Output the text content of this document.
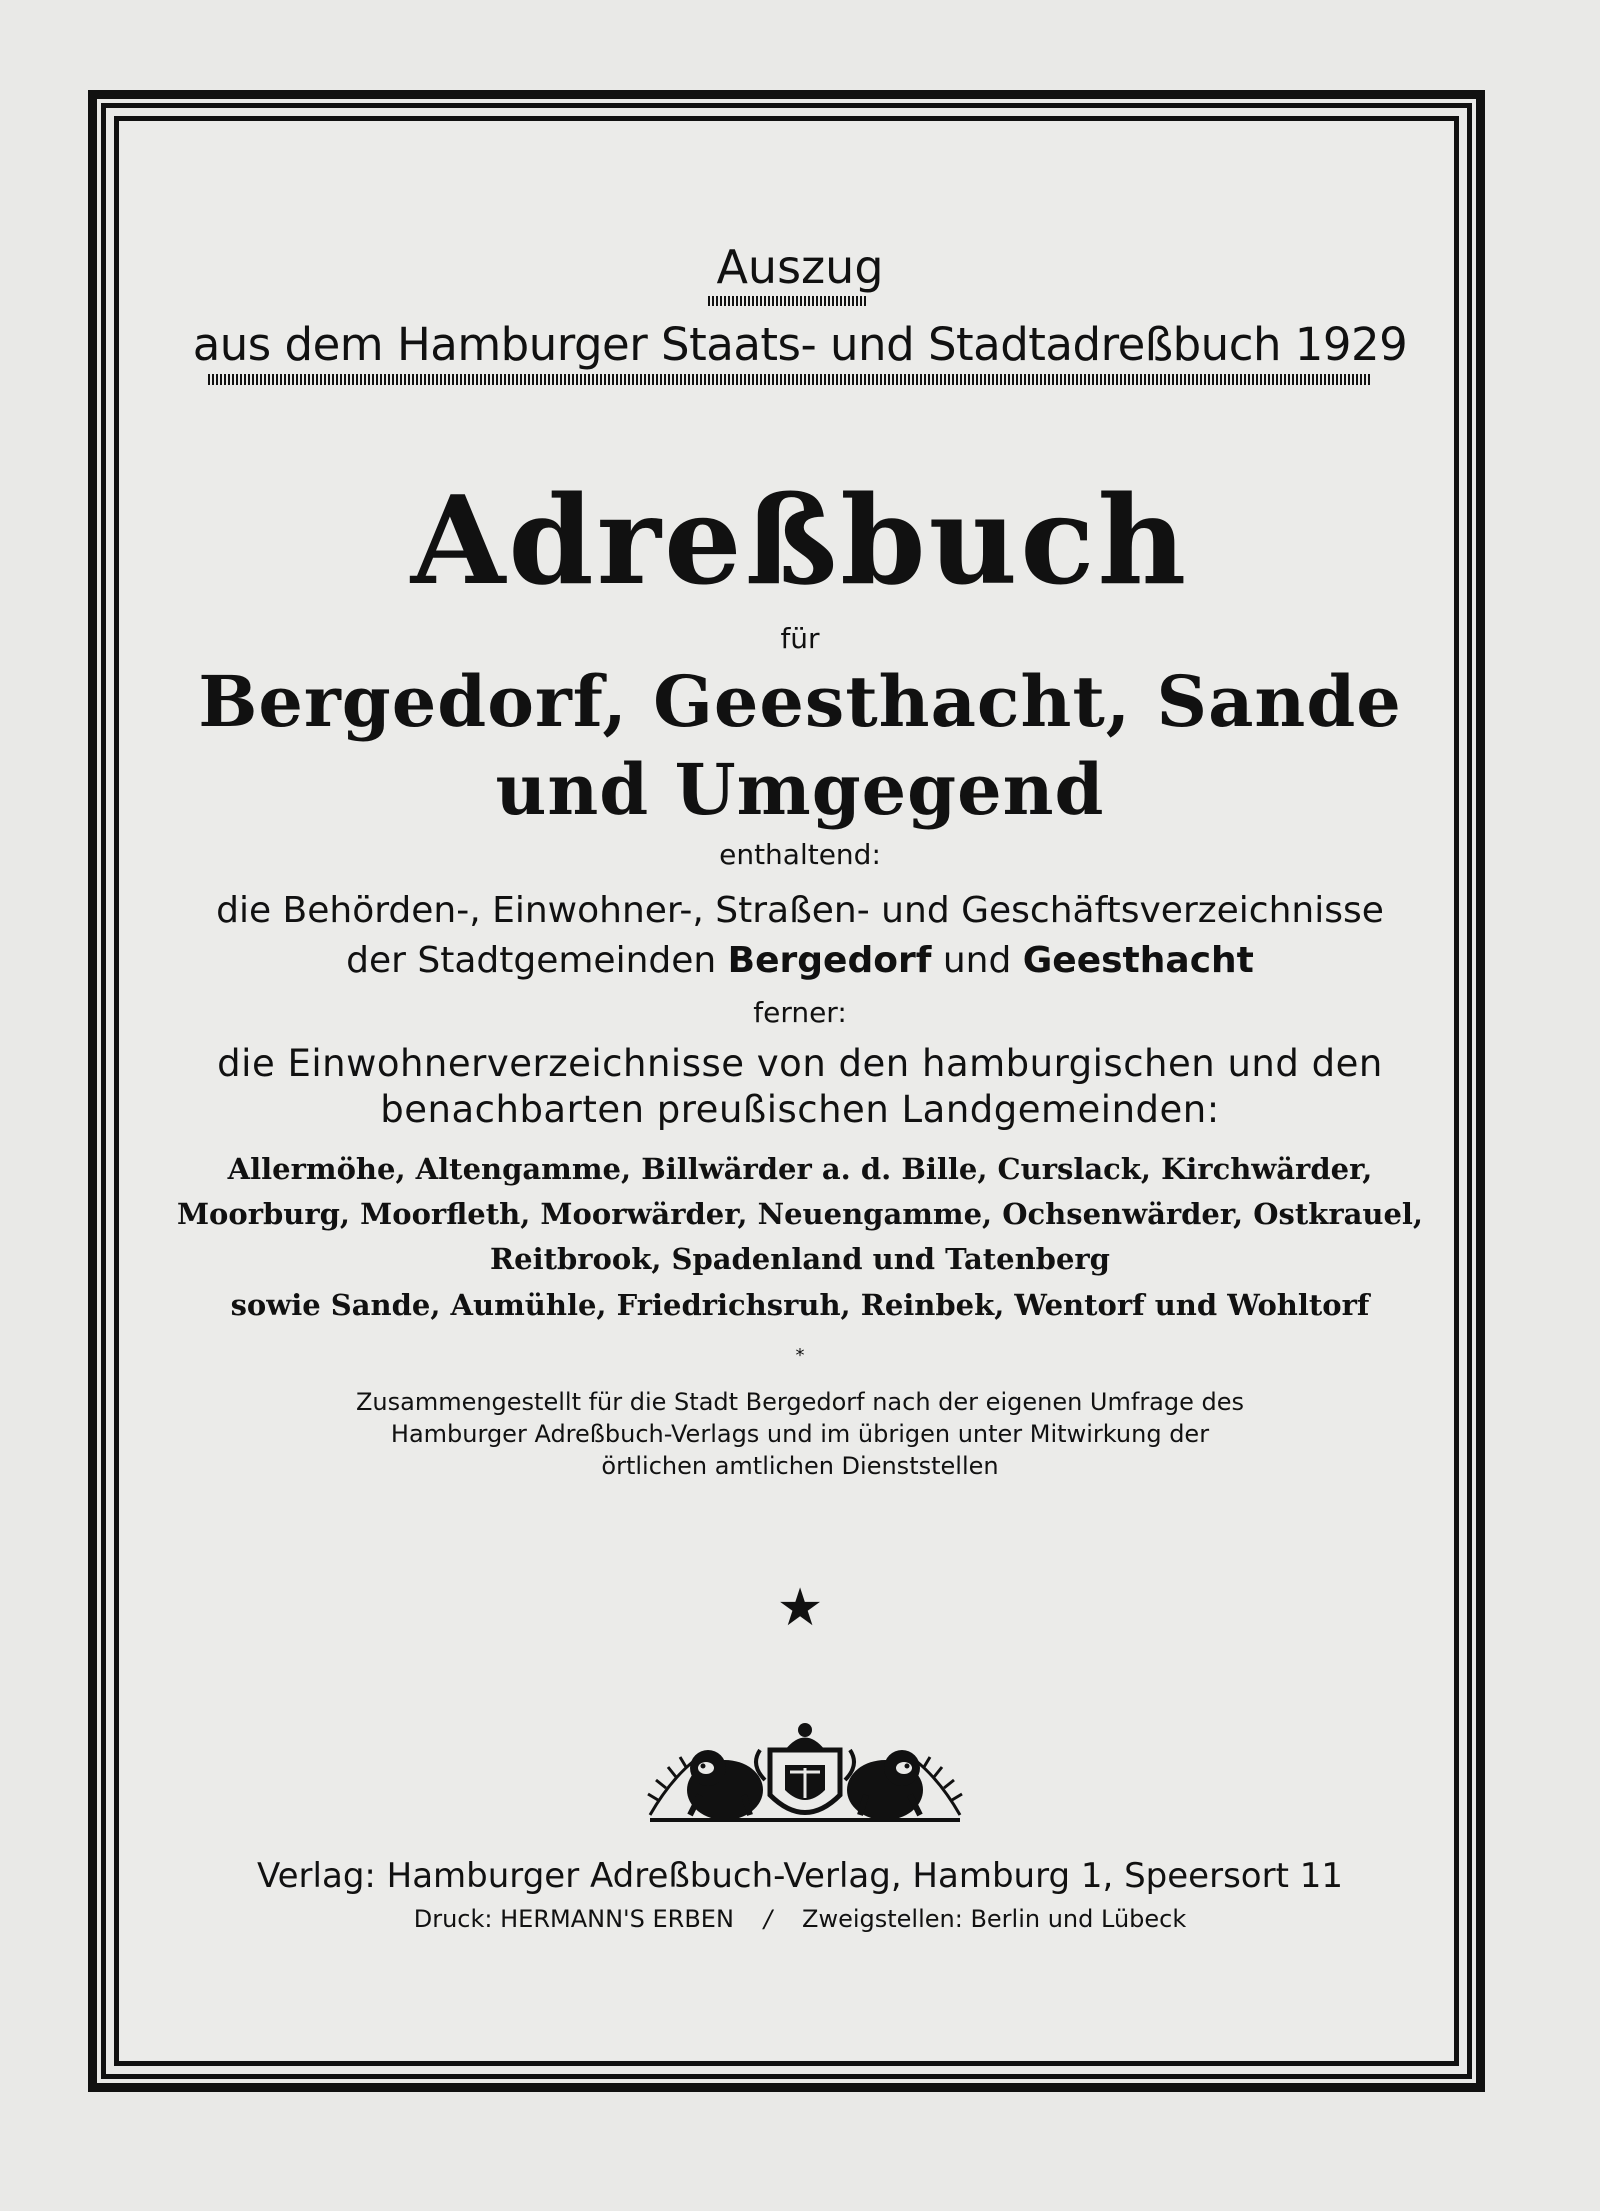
Auszug
aus dem Hamburger Staats- und Stadtadreßbuch 1929
Adreßbuch
für
Bergedorf, Geesthacht, Sande
und Umgegend
enthaltend:
die Behörden-, Einwohner-, Straßen- und Geschäftsverzeichnisse
der Stadtgemeinden Bergedorf und Geesthacht
ferner:
die Einwohnerverzeichnisse von den hamburgischen und den
benachbarten preußischen Landgemeinden:
Allermöhe, Altengamme, Billwärder a. d. Bille, Curslack, Kirchwärder,
Moorburg, Moorfleth, Moorwärder, Neuengamme, Ochsenwärder, Ostkrauel,
Reitbrook, Spadenland und Tatenberg
sowie Sande, Aumühle, Friedrichsruh, Reinbek, Wentorf und Wohltorf
*
Zusammengestellt für die Stadt Bergedorf nach der eigenen Umfrage des
Hamburger Adreßbuch-Verlags und im übrigen unter Mitwirkung der
örtlichen amtlichen Dienststellen
★
Verlag: Hamburger Adreßbuch-Verlag, Hamburg 1, Speersort 11
Druck: HERMANN'S ERBEN / Zweigstellen: Berlin und Lübeck
